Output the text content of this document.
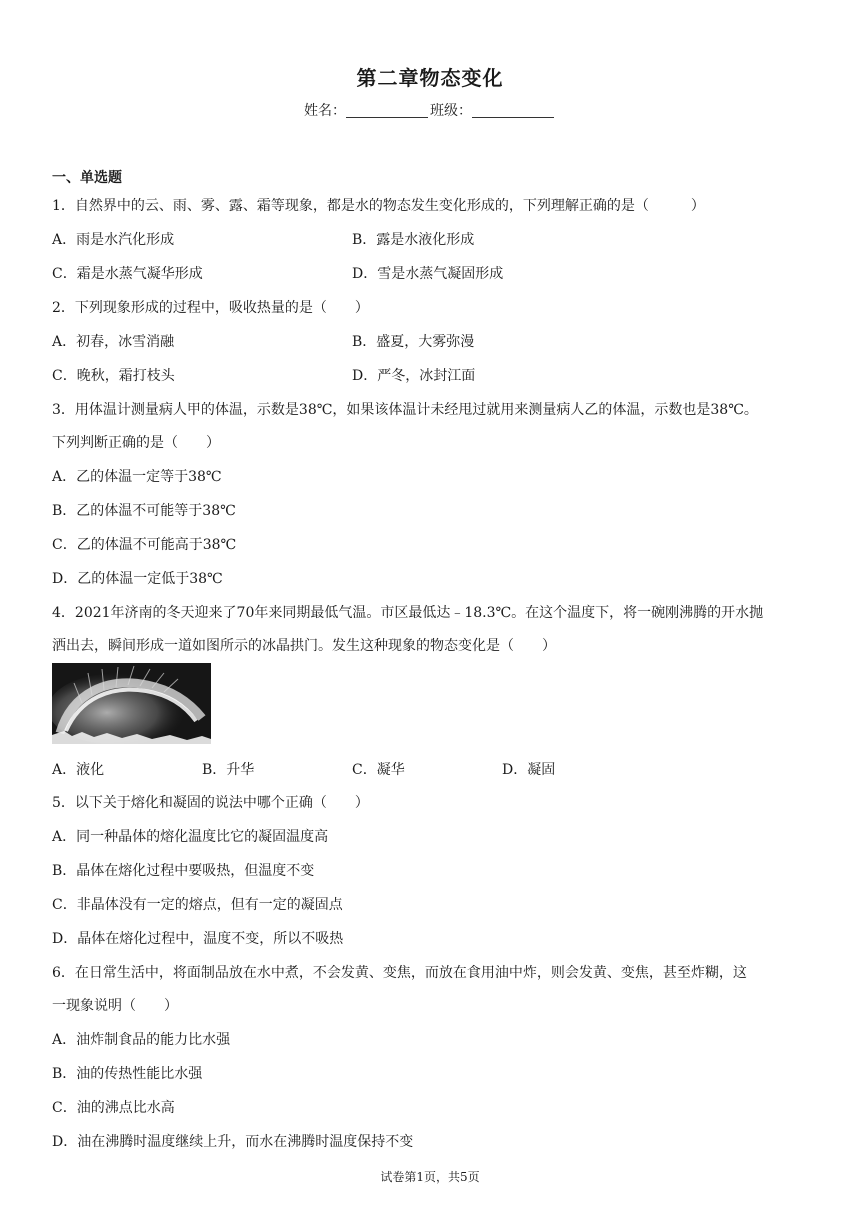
第二章物态变化
姓名：	班级：
一、单选题
1．自然界中的云、雨、雾、露、霜等现象，都是水的物态发生变化形成的，下列理解正确的是（　　　）
A．雨是水汽化形成	B．露是水液化形成
C．霜是水蒸气凝华形成	D．雪是水蒸气凝固形成
2．下列现象形成的过程中，吸收热量的是（　　）
A．初春，冰雪消融	B．盛夏，大雾弥漫
C．晚秋，霜打枝头	D．严冬，冰封江面
3．用体温计测量病人甲的体温，示数是38℃，如果该体温计未经甩过就用来测量病人乙的体温，示数也是38℃。
下列判断正确的是（　　）
A．乙的体温一定等于38℃
B．乙的体温不可能等于38℃
C．乙的体温不可能高于38℃
D．乙的体温一定低于38℃
4．2021年济南的冬天迎来了70年来同期最低气温。市区最低达﹣18.3℃。在这个温度下，将一碗刚沸腾的开水抛
洒出去，瞬间形成一道如图所示的冰晶拱门。发生这种现象的物态变化是（　　）
A．液化	B．升华	C．凝华	D．凝固
5．以下关于熔化和凝固的说法中哪个正确（　　）
A．同一种晶体的熔化温度比它的凝固温度高
B．晶体在熔化过程中要吸热，但温度不变
C．非晶体没有一定的熔点，但有一定的凝固点
D．晶体在熔化过程中，温度不变，所以不吸热
6．在日常生活中，将面制品放在水中煮，不会发黄、变焦，而放在食用油中炸，则会发黄、变焦，甚至炸糊，这
一现象说明（　　）
A．油炸制食品的能力比水强
B．油的传热性能比水强
C．油的沸点比水高
D．油在沸腾时温度继续上升，而水在沸腾时温度保持不变
试卷第1页，共5页
